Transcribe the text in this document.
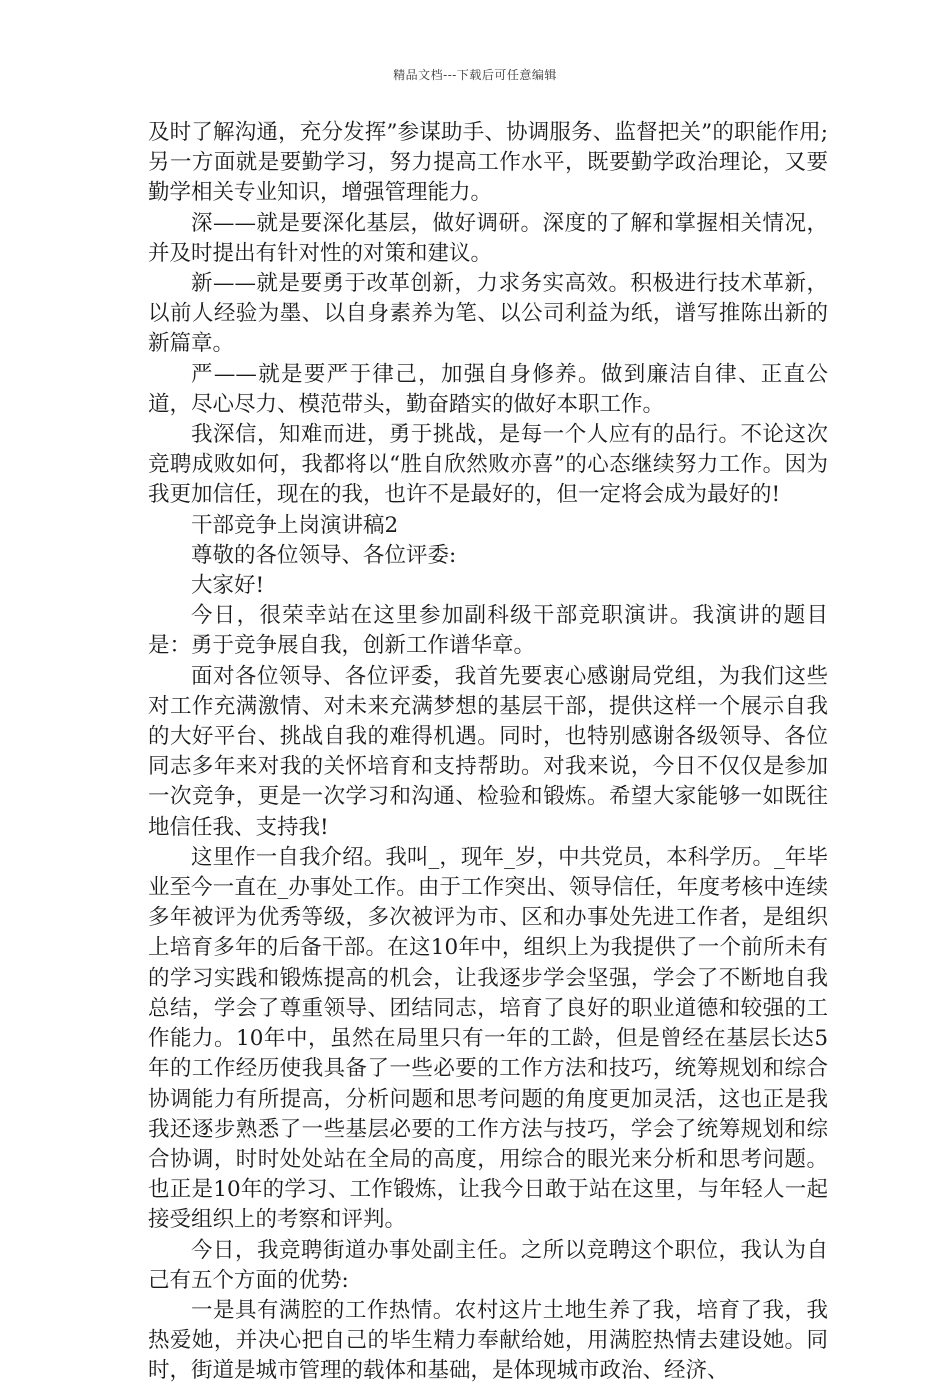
精品文档---下载后可任意编辑

及时了解沟通，充分发挥”参谋助手、协调服务、监督把关”的职能作用;另一方面就是要勤学习，努力提高工作水平，既要勤学政治理论，又要勤学相关专业知识，增强管理能力。

深——就是要深化基层，做好调研。深度的了解和掌握相关情况，并及时提出有针对性的对策和建议。

新——就是要勇于改革创新，力求务实高效。积极进行技术革新，以前人经验为墨、以自身素养为笔、以公司利益为纸，谱写推陈出新的新篇章。

严——就是要严于律己，加强自身修养。做到廉洁自律、正直公道，尽心尽力、模范带头，勤奋踏实的做好本职工作。

我深信，知难而进，勇于挑战，是每一个人应有的品行。不论这次竞聘成败如何，我都将以“胜自欣然败亦喜”的心态继续努力工作。因为我更加信任，现在的我，也许不是最好的，但一定将会成为最好的!

干部竞争上岗演讲稿2

尊敬的各位领导、各位评委:

大家好!

今日，很荣幸站在这里参加副科级干部竞职演讲。我演讲的题目是：勇于竞争展自我，创新工作谱华章。

面对各位领导、各位评委，我首先要衷心感谢局党组，为我们这些对工作充满激情、对未来充满梦想的基层干部，提供这样一个展示自我的大好平台、挑战自我的难得机遇。同时，也特别感谢各级领导、各位同志多年来对我的关怀培育和支持帮助。对我来说，今日不仅仅是参加一次竞争，更是一次学习和沟通、检验和锻炼。希望大家能够一如既往地信任我、支持我!

这里作一自我介绍。我叫_，现年_岁，中共党员，本科学历。_年毕业至今一直在_办事处工作。由于工作突出、领导信任，年度考核中连续多年被评为优秀等级，多次被评为市、区和办事处先进工作者，是组织上培育多年的后备干部。在这10年中，组织上为我提供了一个前所未有的学习实践和锻炼提高的机会，让我逐步学会坚强，学会了不断地自我总结，学会了尊重领导、团结同志，培育了良好的职业道德和较强的工作能力。10年中，虽然在局里只有一年的工龄，但是曾经在基层长达5年的工作经历使我具备了一些必要的工作方法和技巧，统筹规划和综合协调能力有所提高，分析问题和思考问题的角度更加灵活，这也正是我我还逐步熟悉了一些基层必要的工作方法与技巧，学会了统筹规划和综合协调，时时处处站在全局的高度，用综合的眼光来分析和思考问题。也正是10年的学习、工作锻炼，让我今日敢于站在这里，与年轻人一起接受组织上的考察和评判。

今日，我竞聘街道办事处副主任。之所以竞聘这个职位，我认为自己有五个方面的优势:

一是具有满腔的工作热情。农村这片土地生养了我，培育了我，我热爱她，并决心把自己的毕生精力奉献给她，用满腔热情去建设她。同时，街道是城市管理的载体和基础，是体现城市政治、经济、
